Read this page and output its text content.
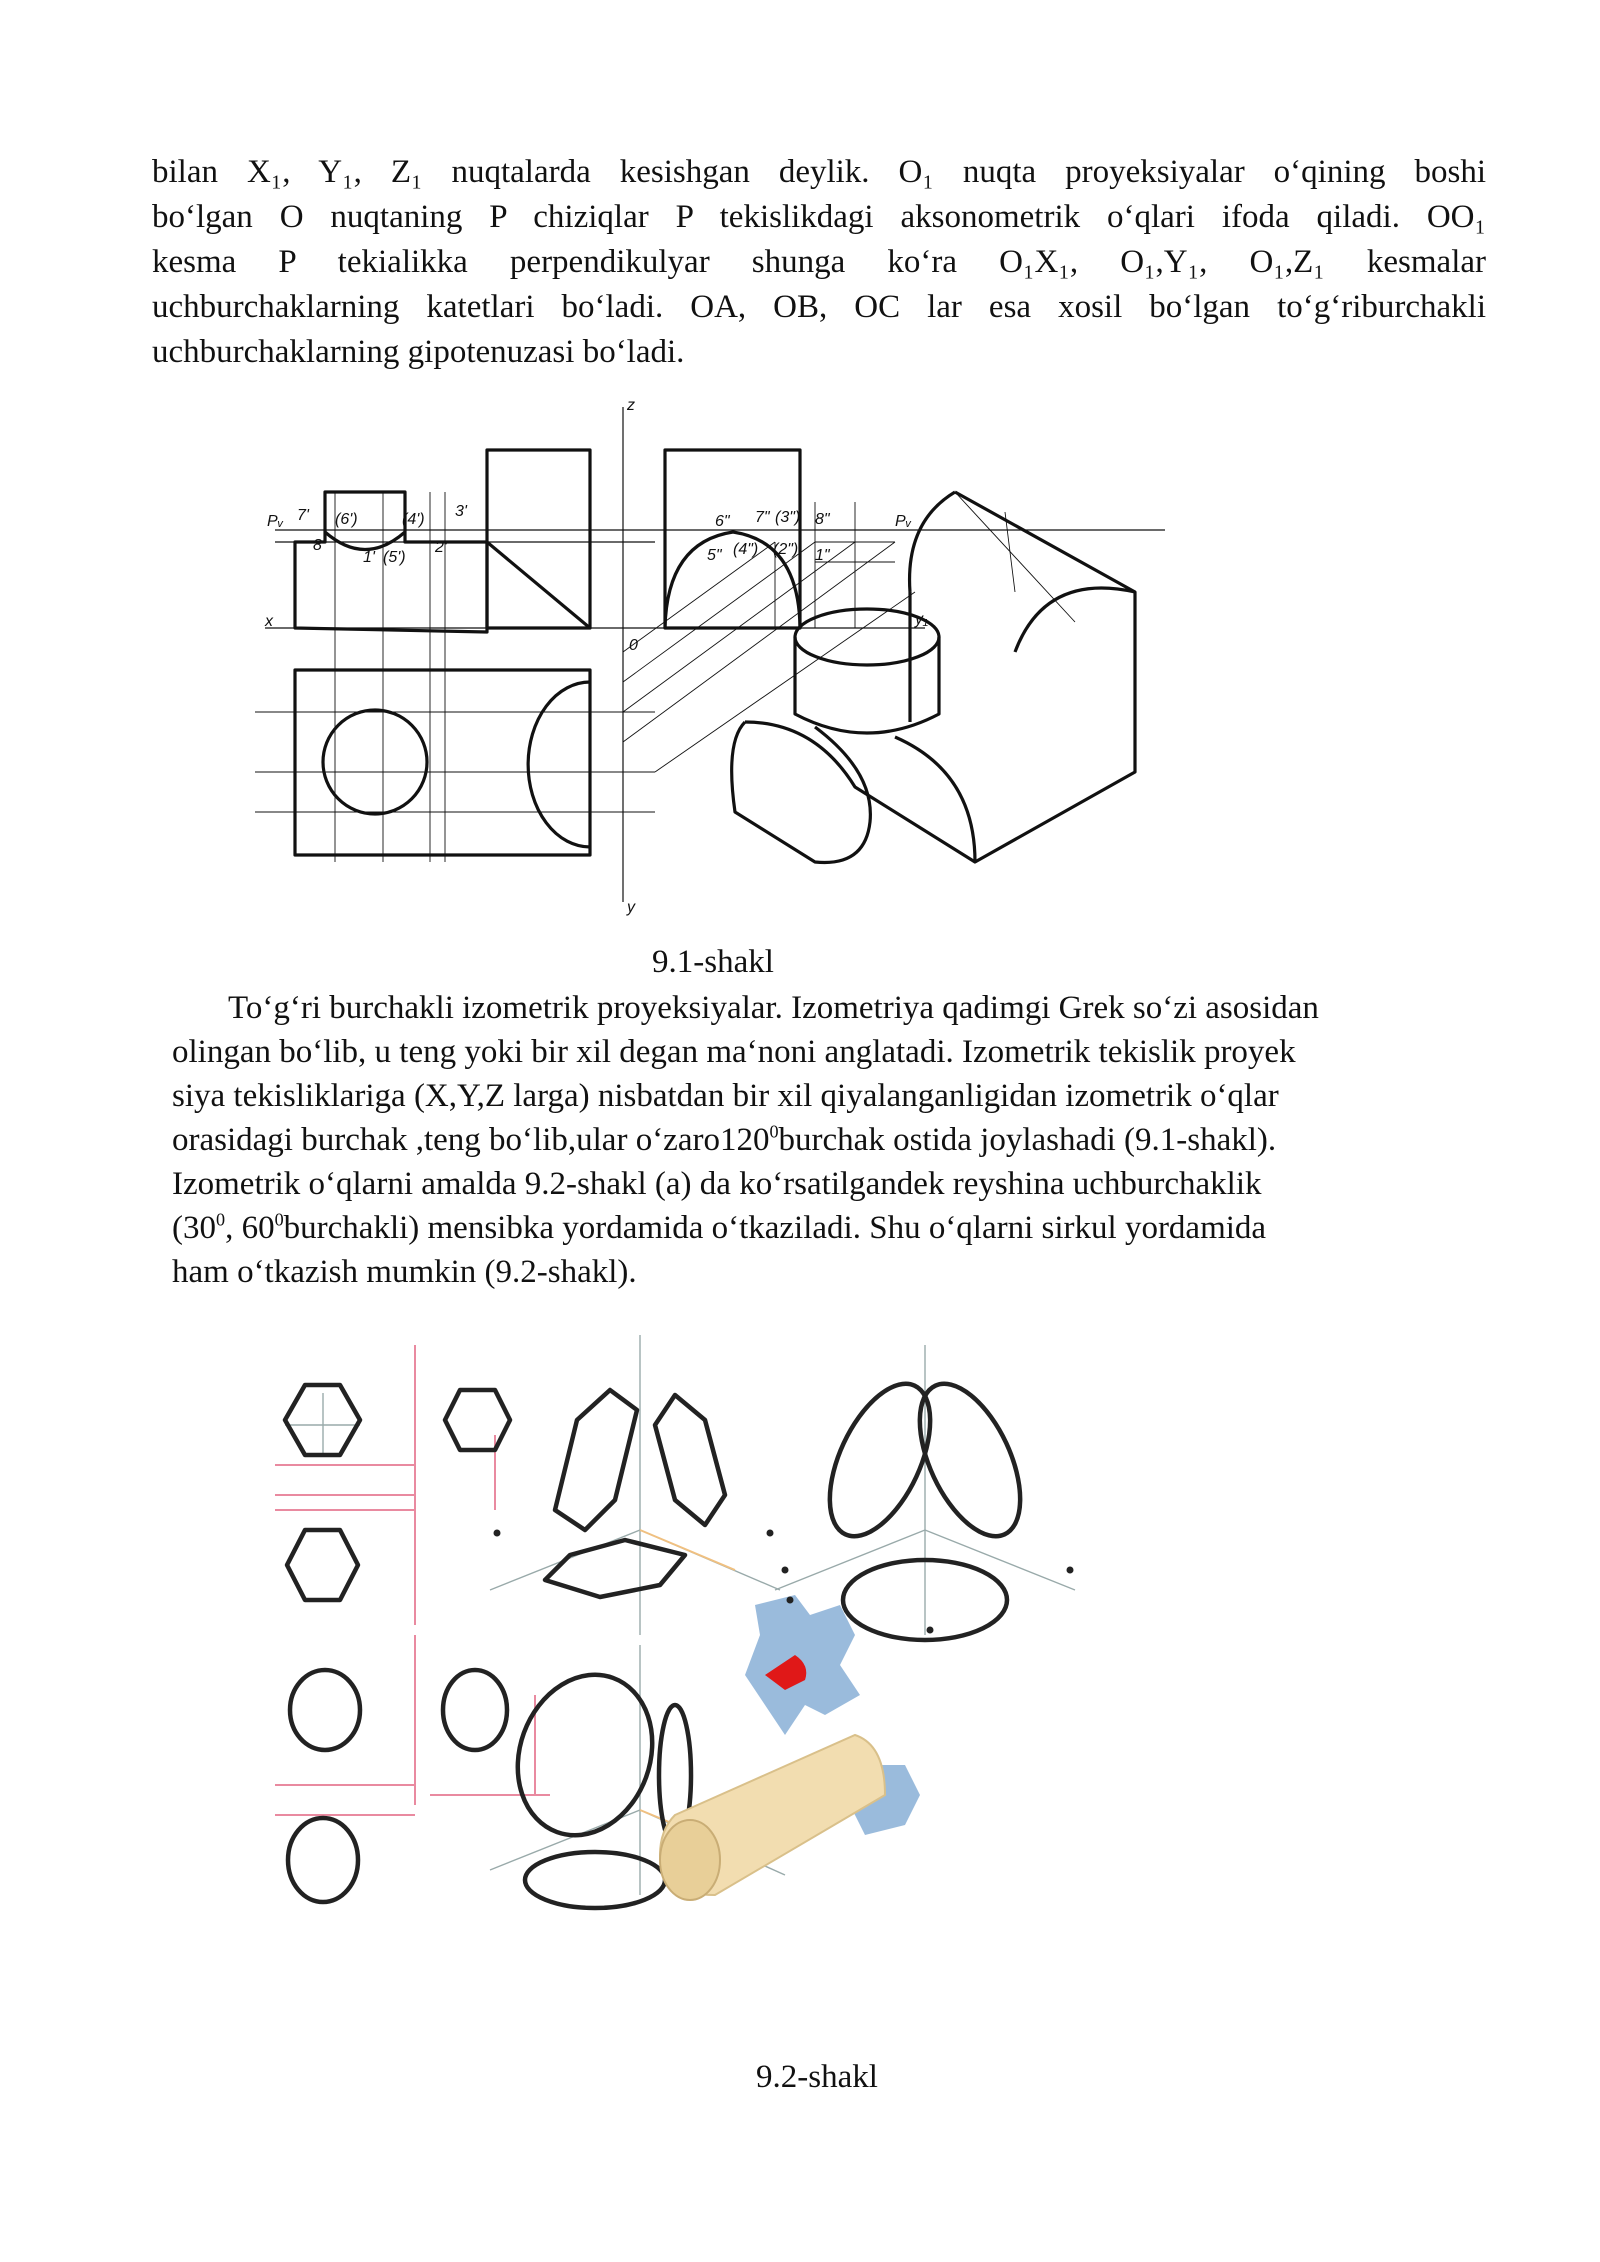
bilan X₁, Y₁, Z₁ nuqtalarda kesishgan deylik. O₁ nuqta proyeksiyalar o‘qining boshi
bo‘lgan O nuqtaning P chiziqlar P tekislikdagi aksonometrik o‘qlari ifoda qiladi. OO₁
kesma P tekialikka perpendikulyar shunga ko‘ra O₁X₁, O₁,Y₁, O₁,Z₁ kesmalar
uchburchaklarning katetlari bo‘ladi. OA, OB, OC lar esa xosil bo‘lgan to‘g‘riburchakli
uchburchaklarning gipotenuzasi bo‘ladi.
z
x
y
0
y₁
Pᵥ	Pᵥ
7' (6')	(4') 3'
8'
1' (5')
2'
6" 7" (3") 8"
5" (4") (2") 1"
9.1-shakl
To‘g‘ri burchakli izometrik proyeksiyalar. Izometriya qadimgi Grek so‘zi asosidan
olingan bo‘lib, u teng yoki bir xil degan ma‘noni anglatadi. Izometrik tekislik proyek
siya tekisliklariga (X,Y,Z larga) nisbatdan bir xil qiyalanganligidan izometrik o‘qlar
orasidagi burchak ,teng bo‘lib,ular $o‘zaro120^0burchak$ ostida joylashadi (9.1-shakl).
Izometrik o‘qlarni amalda 9.2-shakl (a) da ko‘rsatilgandek reyshina uchburchaklik
($30^0$, $60^0burchakli$) mensibka yordamida o‘tkaziladi. Shu o‘qlarni sirkul yordamida
ham o‘tkazish mumkin (9.2-shakl).
9.2-shakl
